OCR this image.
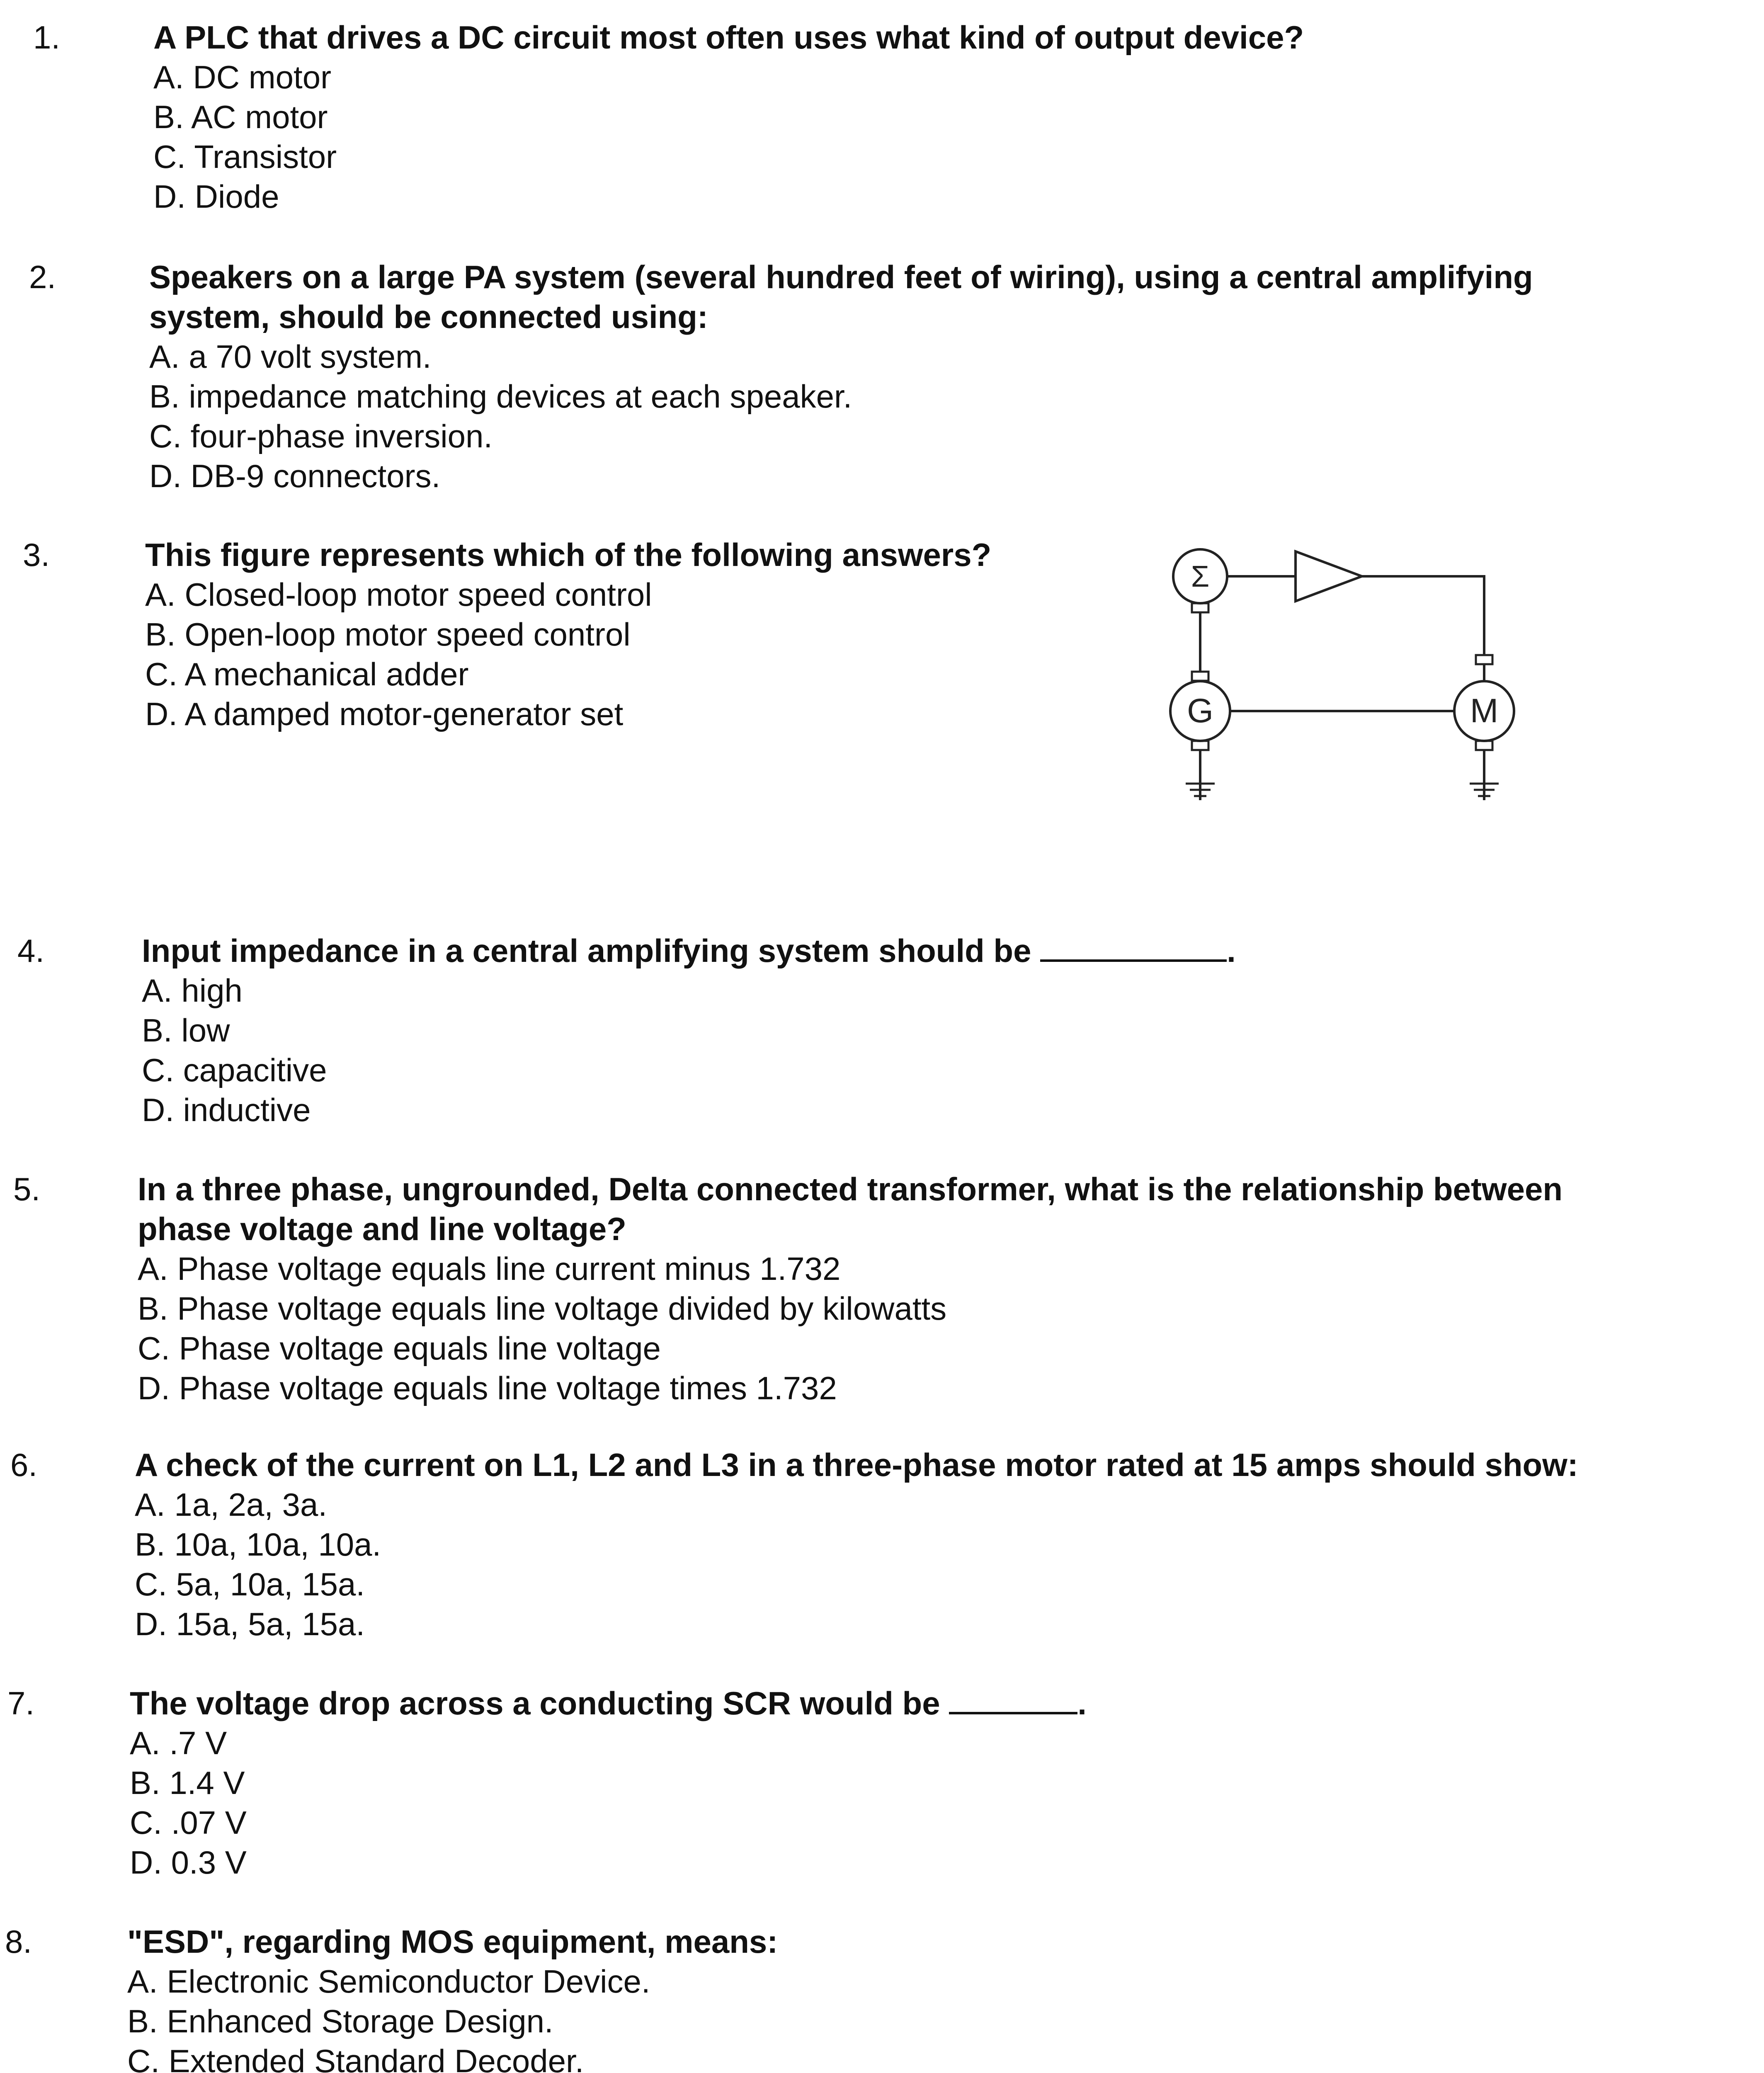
1.	A PLC that drives a DC circuit most often uses what kind of output device?

A. DC motor

B. AC motor

C. Transistor

D. Diode

2.	Speakers on a large PA system (several hundred feet of wiring), using a central amplifying

system, should be connected using:

A. a 70 volt system.

B. impedance matching devices at each speaker.

C. four-phase inversion.

D. DB-9 connectors.

3.	This figure represents which of the following answers?

A. Closed-loop motor speed control

B. Open-loop motor speed control

C. A mechanical adder

D. A damped motor-generator set

Σ
G	M
4.	Input impedance in a central amplifying system should be	.

A. high

B. low

C. capacitive

D. inductive

5.	In a three phase, ungrounded, Delta connected transformer, what is the relationship between

phase voltage and line voltage?

A. Phase voltage equals line current minus 1.732

B. Phase voltage equals line voltage divided by kilowatts

C. Phase voltage equals line voltage

D. Phase voltage equals line voltage times 1.732

6.	A check of the current on L1, L2 and L3 in a three-phase motor rated at 15 amps should show:

A. 1a, 2a, 3a.

B. 10a, 10a, 10a.

C. 5a, 10a, 15a.

D. 15a, 5a, 15a.

7.	The voltage drop across a conducting SCR would be	.

A. .7 V

B. 1.4 V

C. .07 V

D. 0.3 V

8.	"ESD", regarding MOS equipment, means:

A. Electronic Semiconductor Device.

B. Enhanced Storage Design.

C. Extended Standard Decoder.
